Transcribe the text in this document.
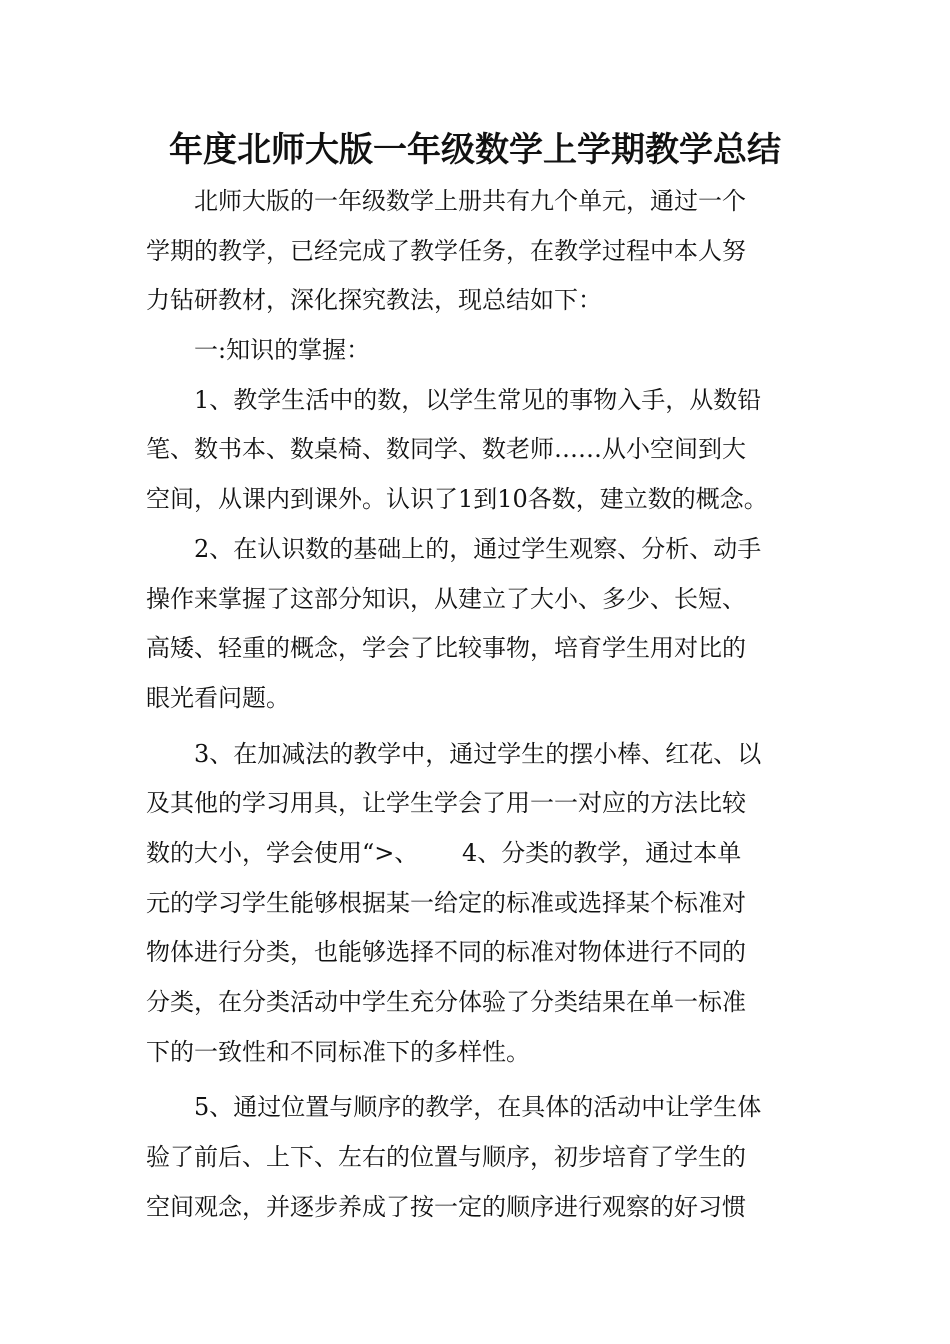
年度北师大版一年级数学上学期教学总结
北师大版的一年级数学上册共有九个单元，通过一个
学期的教学，已经完成了教学任务，在教学过程中本人努
力钻研教材，深化探究教法，现总结如下：
一:知识的掌握：
1、教学生活中的数，以学生常见的事物入手，从数铅
笔、数书本、数桌椅、数同学、数老师……从小空间到大
空间，从课内到课外。认识了1到10各数，建立数的概念。
2、在认识数的基础上的，通过学生观察、分析、动手
操作来掌握了这部分知识，从建立了大小、多少、长短、
高矮、轻重的概念，学会了比较事物，培育学生用对比的
眼光看问题。
3、在加减法的教学中，通过学生的摆小棒、红花、以
及其他的学习用具，让学生学会了用一一对应的方法比较
数的大小，学会使用“>、　　 4、分类的教学，通过本单
元的学习学生能够根据某一给定的标准或选择某个标准对
物体进行分类，也能够选择不同的标准对物体进行不同的
分类，在分类活动中学生充分体验了分类结果在单一标准
下的一致性和不同标准下的多样性。
5、通过位置与顺序的教学，在具体的活动中让学生体
验了前后、上下、左右的位置与顺序，初步培育了学生的
空间观念，并逐步养成了按一定的顺序进行观察的好习惯
